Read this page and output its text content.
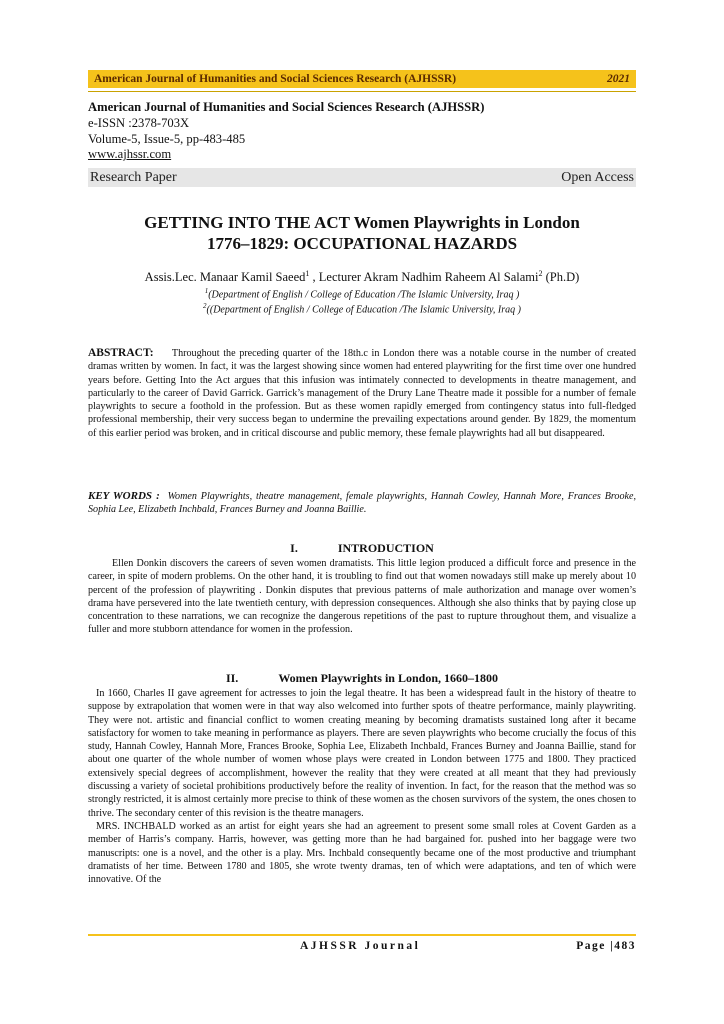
American Journal of Humanities and Social Sciences Research (AJHSSR)	2021
American Journal of Humanities and Social Sciences Research (AJHSSR)
e-ISSN :2378-703X
Volume-5, Issue-5, pp-483-485
www.ajhssr.com
Research Paper	Open Access
GETTING INTO THE ACT Women Playwrights in London
1776–1829: OCCUPATIONAL HAZARDS
Assis.Lec. Manaar Kamil Saeed$^1$ , Lecturer Akram Nadhim Raheem Al Salami$^2$ (Ph.D)
$^1$(Department of English / College of Education /The Islamic University, Iraq )
$^2$((Department of English / College of Education /The Islamic University, Iraq )
ABSTRACT: Throughout the preceding quarter of the 18th.c in London there was a notable course in the number of created dramas written by women. In fact, it was the largest showing since women had entered playwriting for the first time over one hundred years before. Getting Into the Act argues that this infusion was intimately connected to developments in theatre management, and particularly to the career of David Garrick. Garrick’s management of the Drury Lane Theatre made it possible for a number of female playwrights to secure a foothold in the profession. But as these women rapidly emerged from contingency status into full-fledged professional membership, their very success began to undermine the prevailing expectations around gender. By 1829, the momentum of this earlier period was broken, and in critical discourse and public memory, these female playwrights had all but disappeared.
KEY WORDS : Women Playwrights, theatre management, female playwrights, Hannah Cowley, Hannah More, Frances Brooke, Sophia Lee, Elizabeth Inchbald, Frances Burney and Joanna Baillie.
I.	INTRODUCTION

Ellen Donkin discovers the careers of seven women dramatists. This little legion produced a difficult force and presence in the career, in spite of modern problems. On the other hand, it is troubling to find out that women nowadays still make up merely about 10 percent of the profession of playwriting . Donkin disputes that previous patterns of male authorization and manage over women’s drama have persevered into the late twentieth century, with depression consequences. Although she also thinks that by paying close up concentration to these narrations, we can recognize the dangerous repetitions of the past to rupture throughout them, and visualize a fuller and more stubborn attendance for women in the profession.

II.	Women Playwrights in London, 1660–1800

In 1660, Charles II gave agreement for actresses to join the legal theatre. It has been a widespread fault in the history of theatre to suppose by extrapolation that women were in that way also welcomed into further spots of theatre performance, mainly playwriting. They were not. artistic and financial conflict to women creating meaning by becoming dramatists sustained long after it became satisfactory for women to take meaning in performance as players. There are seven playwrights who become crucially the focus of this study, Hannah Cowley, Hannah More, Frances Brooke, Sophia Lee, Elizabeth Inchbald, Frances Burney and Joanna Baillie, stand for about one quarter of the whole number of women whose plays were created in London between 1775 and 1800. They practiced extensively special degrees of accomplishment, however the reality that they were created at all meant that they had previously discussing a variety of societal prohibitions productively before the reality of invention. In fact, for the reason that the method was so strongly restricted, it is almost certainly more precise to think of these women as the chosen survivors of the system, the ones chosen to thrive. The secondary center of this revision is the theatre managers.

MRS. INCHBALD worked as an artist for eight years she had an agreement to present some small roles at Covent Garden as a member of Harris’s company. Harris, however, was getting more than he had bargained for. pushed into her baggage were two manuscripts: one is a novel, and the other is a play. Mrs. Inchbald consequently became one of the most productive and triumphant dramatists of her time. Between 1780 and 1805, she wrote twenty dramas, ten of which were adaptations, and ten of which were innovative. Of the

AJHSSR Journal	Page |483
